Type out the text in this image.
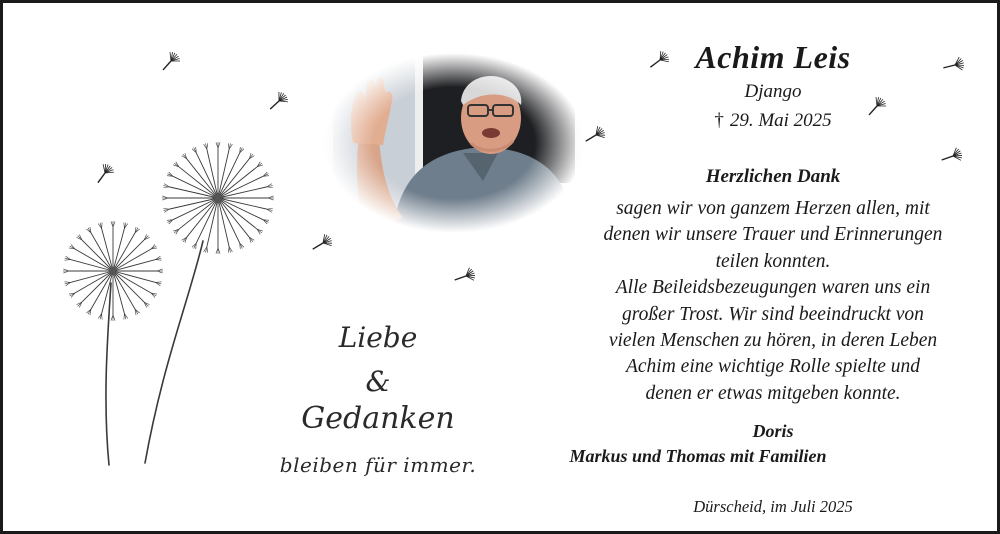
Liebe
&
Gedanken
bleiben für immer.
Achim Leis
Django
† 29. Mai 2025
Herzlichen Dank
sagen wir von ganzem Herzen allen, mit
denen wir unsere Trauer und Erinnerungen
teilen konnten.
Alle Beileidsbezeugungen waren uns ein
großer Trost. Wir sind beeindruckt von
vielen Menschen zu hören, in deren Leben
Achim eine wichtige Rolle spielte und
denen er etwas mitgeben konnte.
Doris
Markus und Thomas mit Familien
Dürscheid, im Juli 2025
